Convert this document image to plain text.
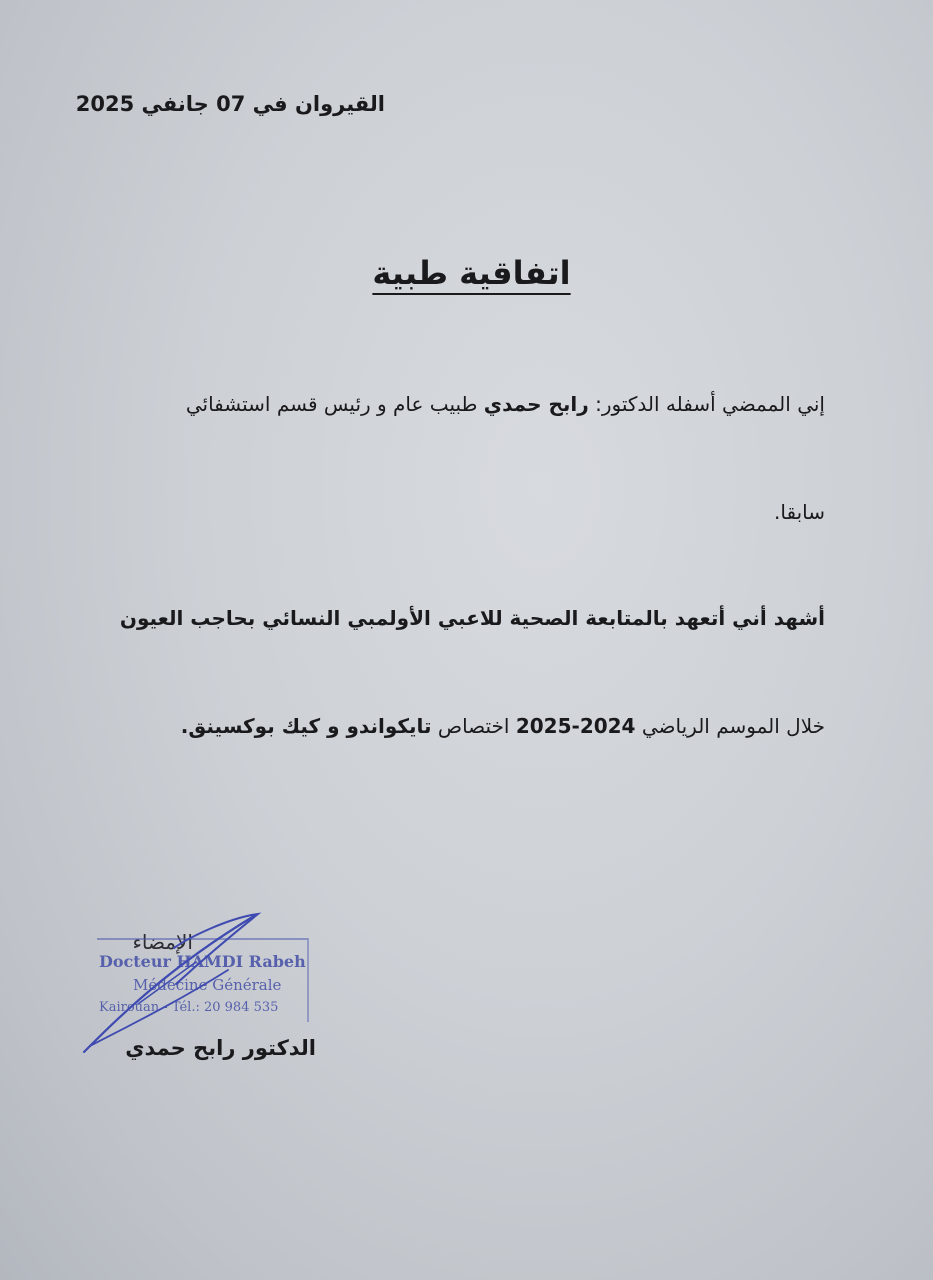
القيروان في 07 جانفي 2025
اتفاقية طبية
إني الممضي أسفله الدكتور: رابح حمدي طبيب عام و رئيس قسم استشفائي
سابقا.
أشهد أني أتعهد بالمتابعة الصحية للاعبي الأولمبي النسائي بحاجب العيون
خلال الموسم الرياضي 2024-2025 اختصاص تايكواندو و كيك بوكسينق.
الإمضاء
Docteur HAMDI Rabeh
Médecine Générale
Kairouan - Tél.: 20 984 535
الدكتور رابح حمدي
